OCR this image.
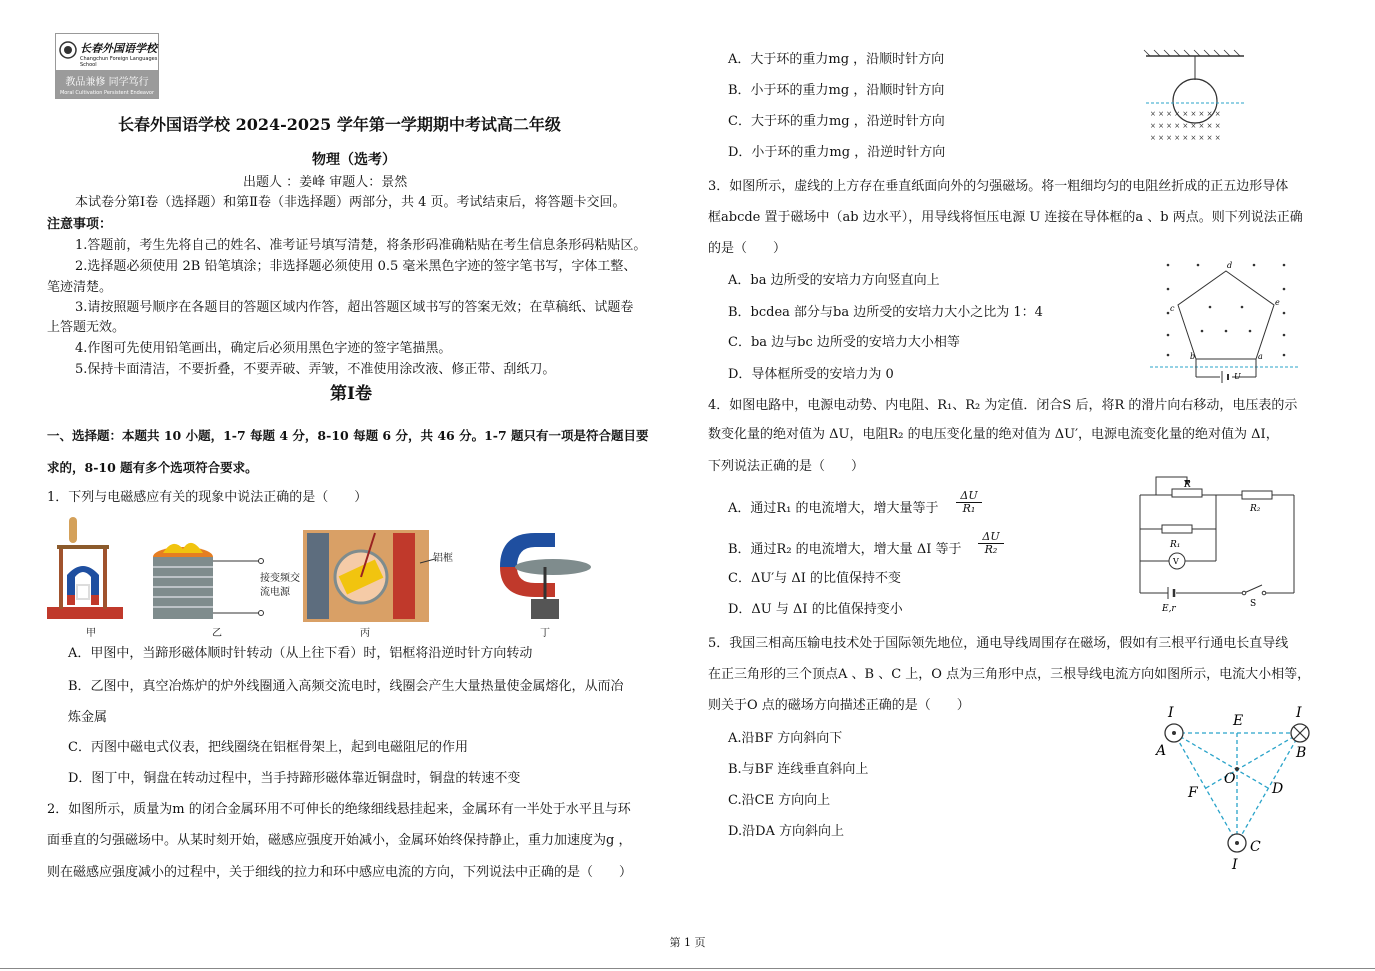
长春外国语学校
Changchun Foreign Languages School
教品兼修 同学笃行
Moral Cultivation Persistent Endeavor
长春外国语学校 2024-2025 学年第一学期期中考试高二年级
物理（选考）
出题人 ：姜峰 审题人：景然
本试卷分第Ⅰ卷（选择题）和第Ⅱ卷（非选择题）两部分，共 4 页。考试结束后，将答题卡交回。
注意事项：
1.答题前，考生先将自己的姓名、准考证号填写清楚，将条形码准确粘贴在考生信息条形码粘贴区。
2.选择题必须使用 2B 铅笔填涂；非选择题必须使用 0.5 毫米黑色字迹的签字笔书写，字体工整、
笔迹清楚。
3.请按照题号顺序在各题目的答题区域内作答，超出答题区域书写的答案无效；在草稿纸、试题卷
上答题无效。
4.作图可先使用铅笔画出，确定后必须用黑色字迹的签字笔描黑。
5.保持卡面清洁，不要折叠，不要弄破、弄皱，不准使用涂改液、修正带、刮纸刀。
第Ⅰ卷
一、选择题：本题共 10 小题，1-7 每题 4 分，8-10 每题 6 分，共 46 分。1-7 题只有一项是符合题目要
求的，8-10 题有多个选项符合要求。
1．下列与电磁感应有关的现象中说法正确的是（　　）
甲	乙	丙	丁
接变频交
流电源
铝框
A．甲图中，当蹄形磁体顺时针转动（从上往下看）时，铝框将沿逆时针方向转动
B．乙图中，真空冶炼炉的炉外线圈通入高频交流电时，线圈会产生大量热量使金属熔化，从而冶
炼金属
C．丙图中磁电式仪表，把线圈绕在铝框骨架上，起到电磁阻尼的作用
D．图丁中，铜盘在转动过程中，当手持蹄形磁体靠近铜盘时，铜盘的转速不变
2．如图所示，质量为m 的闭合金属环用不可伸长的绝缘细线悬挂起来，金属环有一半处于水平且与环
面垂直的匀强磁场中。从某时刻开始，磁感应强度开始减小，金属环始终保持静止，重力加速度为g ，
则在磁感应强度减小的过程中，关于细线的拉力和环中感应电流的方向，下列说法中正确的是（　　）
A．大于环的重力mg ，沿顺时针方向
B．小于环的重力mg ，沿顺时针方向
C．大于环的重力mg ，沿逆时针方向
D．小于环的重力mg ，沿逆时针方向
× × × × × × × × ×
× × × × × × × × ×
× × × × × × × × ×
3．如图所示，虚线的上方存在垂直纸面向外的匀强磁场。将一粗细均匀的电阻丝折成的正五边形导体
框abcde 置于磁场中（ab 边水平），用导线将恒压电源 U 连接在导体框的a 、b 两点。则下列说法正确
的是（　　）
A．ba 边所受的安培力方向竖直向上
B．bcdea 部分与ba 边所受的安培力大小之比为 1：4
C．ba 边与bc 边所受的安培力大小相等
D．导体框所受的安培力为 0
d
e
c
b	a
U
4．如图电路中，电源电动势、内电阻、R₁、R₂ 为定值．闭合S 后，将R 的滑片向右移动，电压表的示
数变化量的绝对值为 ΔU，电阻R₂ 的电压变化量的绝对值为 ΔU′，电源电流变化量的绝对值为 ΔI，
下列说法正确的是（　　）
A．通过R₁ 的电流增大，增大量等于 $\frac{\Delta U}{\text{R₁}}$
B．通过R₂ 的电流增大，增大量 ΔI 等于 $\frac{\Delta U}{\text{R₂}}$
C．ΔU′与 ΔI 的比值保持不变
D．ΔU 与 ΔI 的比值保持变小
R
R₂
R₁
V
E,r	S
5．我国三相高压输电技术处于国际领先地位，通电导线周围存在磁场，假如有三根平行通电长直导线
在正三角形的三个顶点A 、B 、C 上，O 点为三角形中点，三根导线电流方向如图所示，电流大小相等，
则关于O 点的磁场方向描述正确的是（　　）
A.沿BF 方向斜向下
B.与BF 连线垂直斜向上
C.沿CE 方向向上
D.沿DA 方向斜向上
I	E	I
A	B
O
F	D
C
I
第 1 页
